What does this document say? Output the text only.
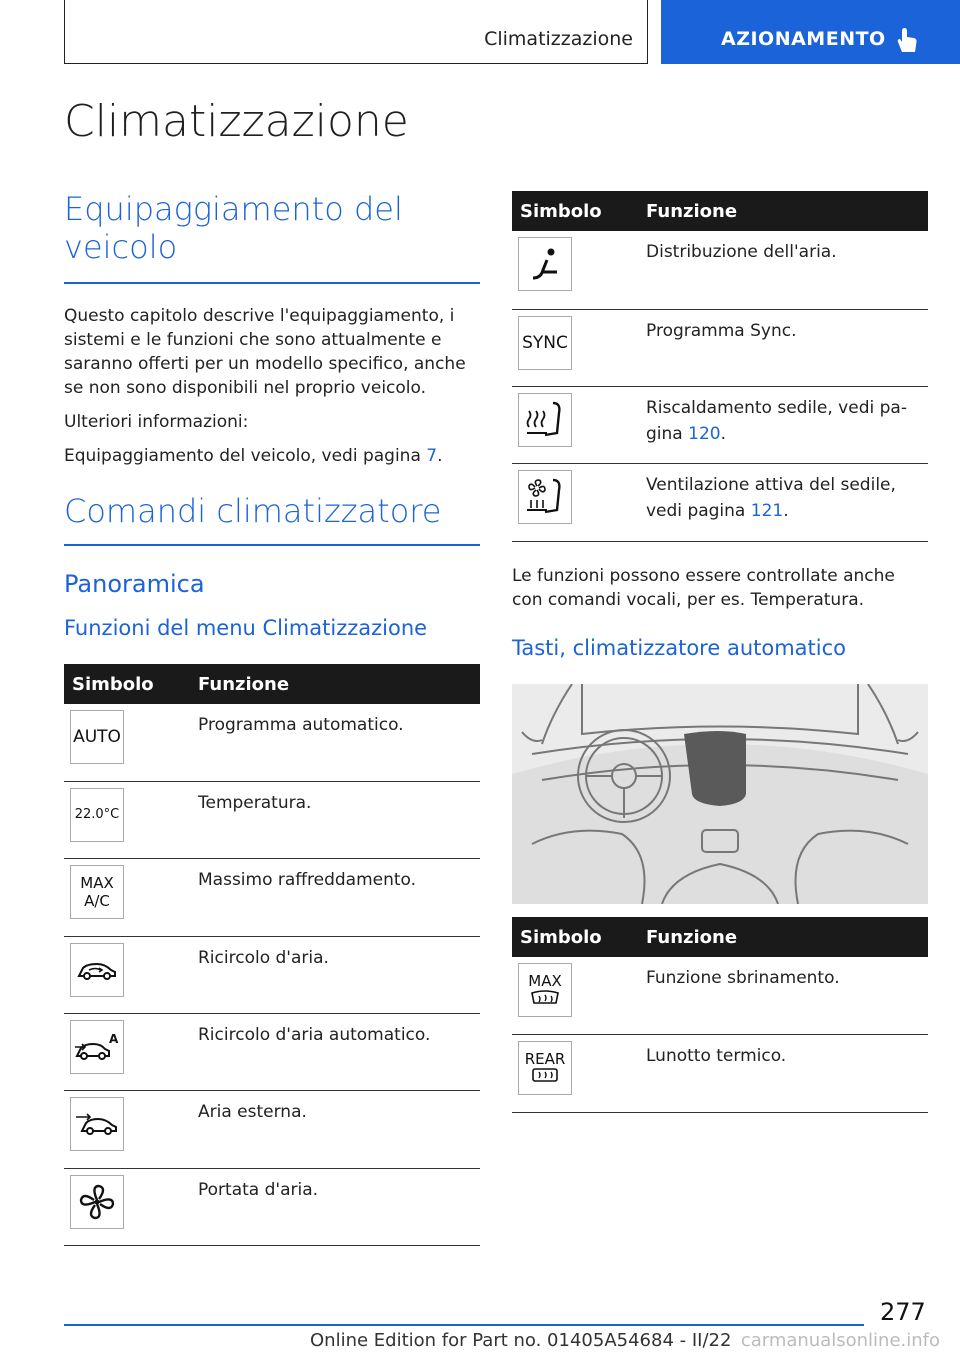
Climatizzazione	AZIONAMENTO
Climatizzazione

Equipaggiamento del veicolo

Questo capitolo descrive l'equipaggiamento, i sistemi e le funzioni che sono attualmente e saranno offerti per un modello specifico, anche se non sono disponibili nel proprio veicolo.

Ulteriori informazioni:

Equipaggiamento del veicolo, vedi pagina 7.

Comandi climatizzatore

Panoramica

Funzioni del menu Climatizzazione

Simbolo	Funzione

AUTO	Programma automatico.

22.0°C	Temperatura.

MAX A/C	Massimo raffreddamento.

	Ricircolo d'aria.

A	Ricircolo d'aria automatico.

	Aria esterna.

	Portata d'aria.
Simbolo	Funzione

	Distribuzione dell'aria.

SYNC	Programma Sync.

	Riscaldamento sedile, vedi pa- gina 120.

	Ventilazione attiva del sedile, vedi pagina 121.

Le funzioni possono essere controllate anche con comandi vocali, per es. Temperatura.

Tasti, climatizzatore automatico

Simbolo	Funzione

MAX	Funzione sbrinamento.

REAR	Lunotto termico.
277
Online Edition for Part no. 01405A54684 - II/22 carmanualsonline.info
